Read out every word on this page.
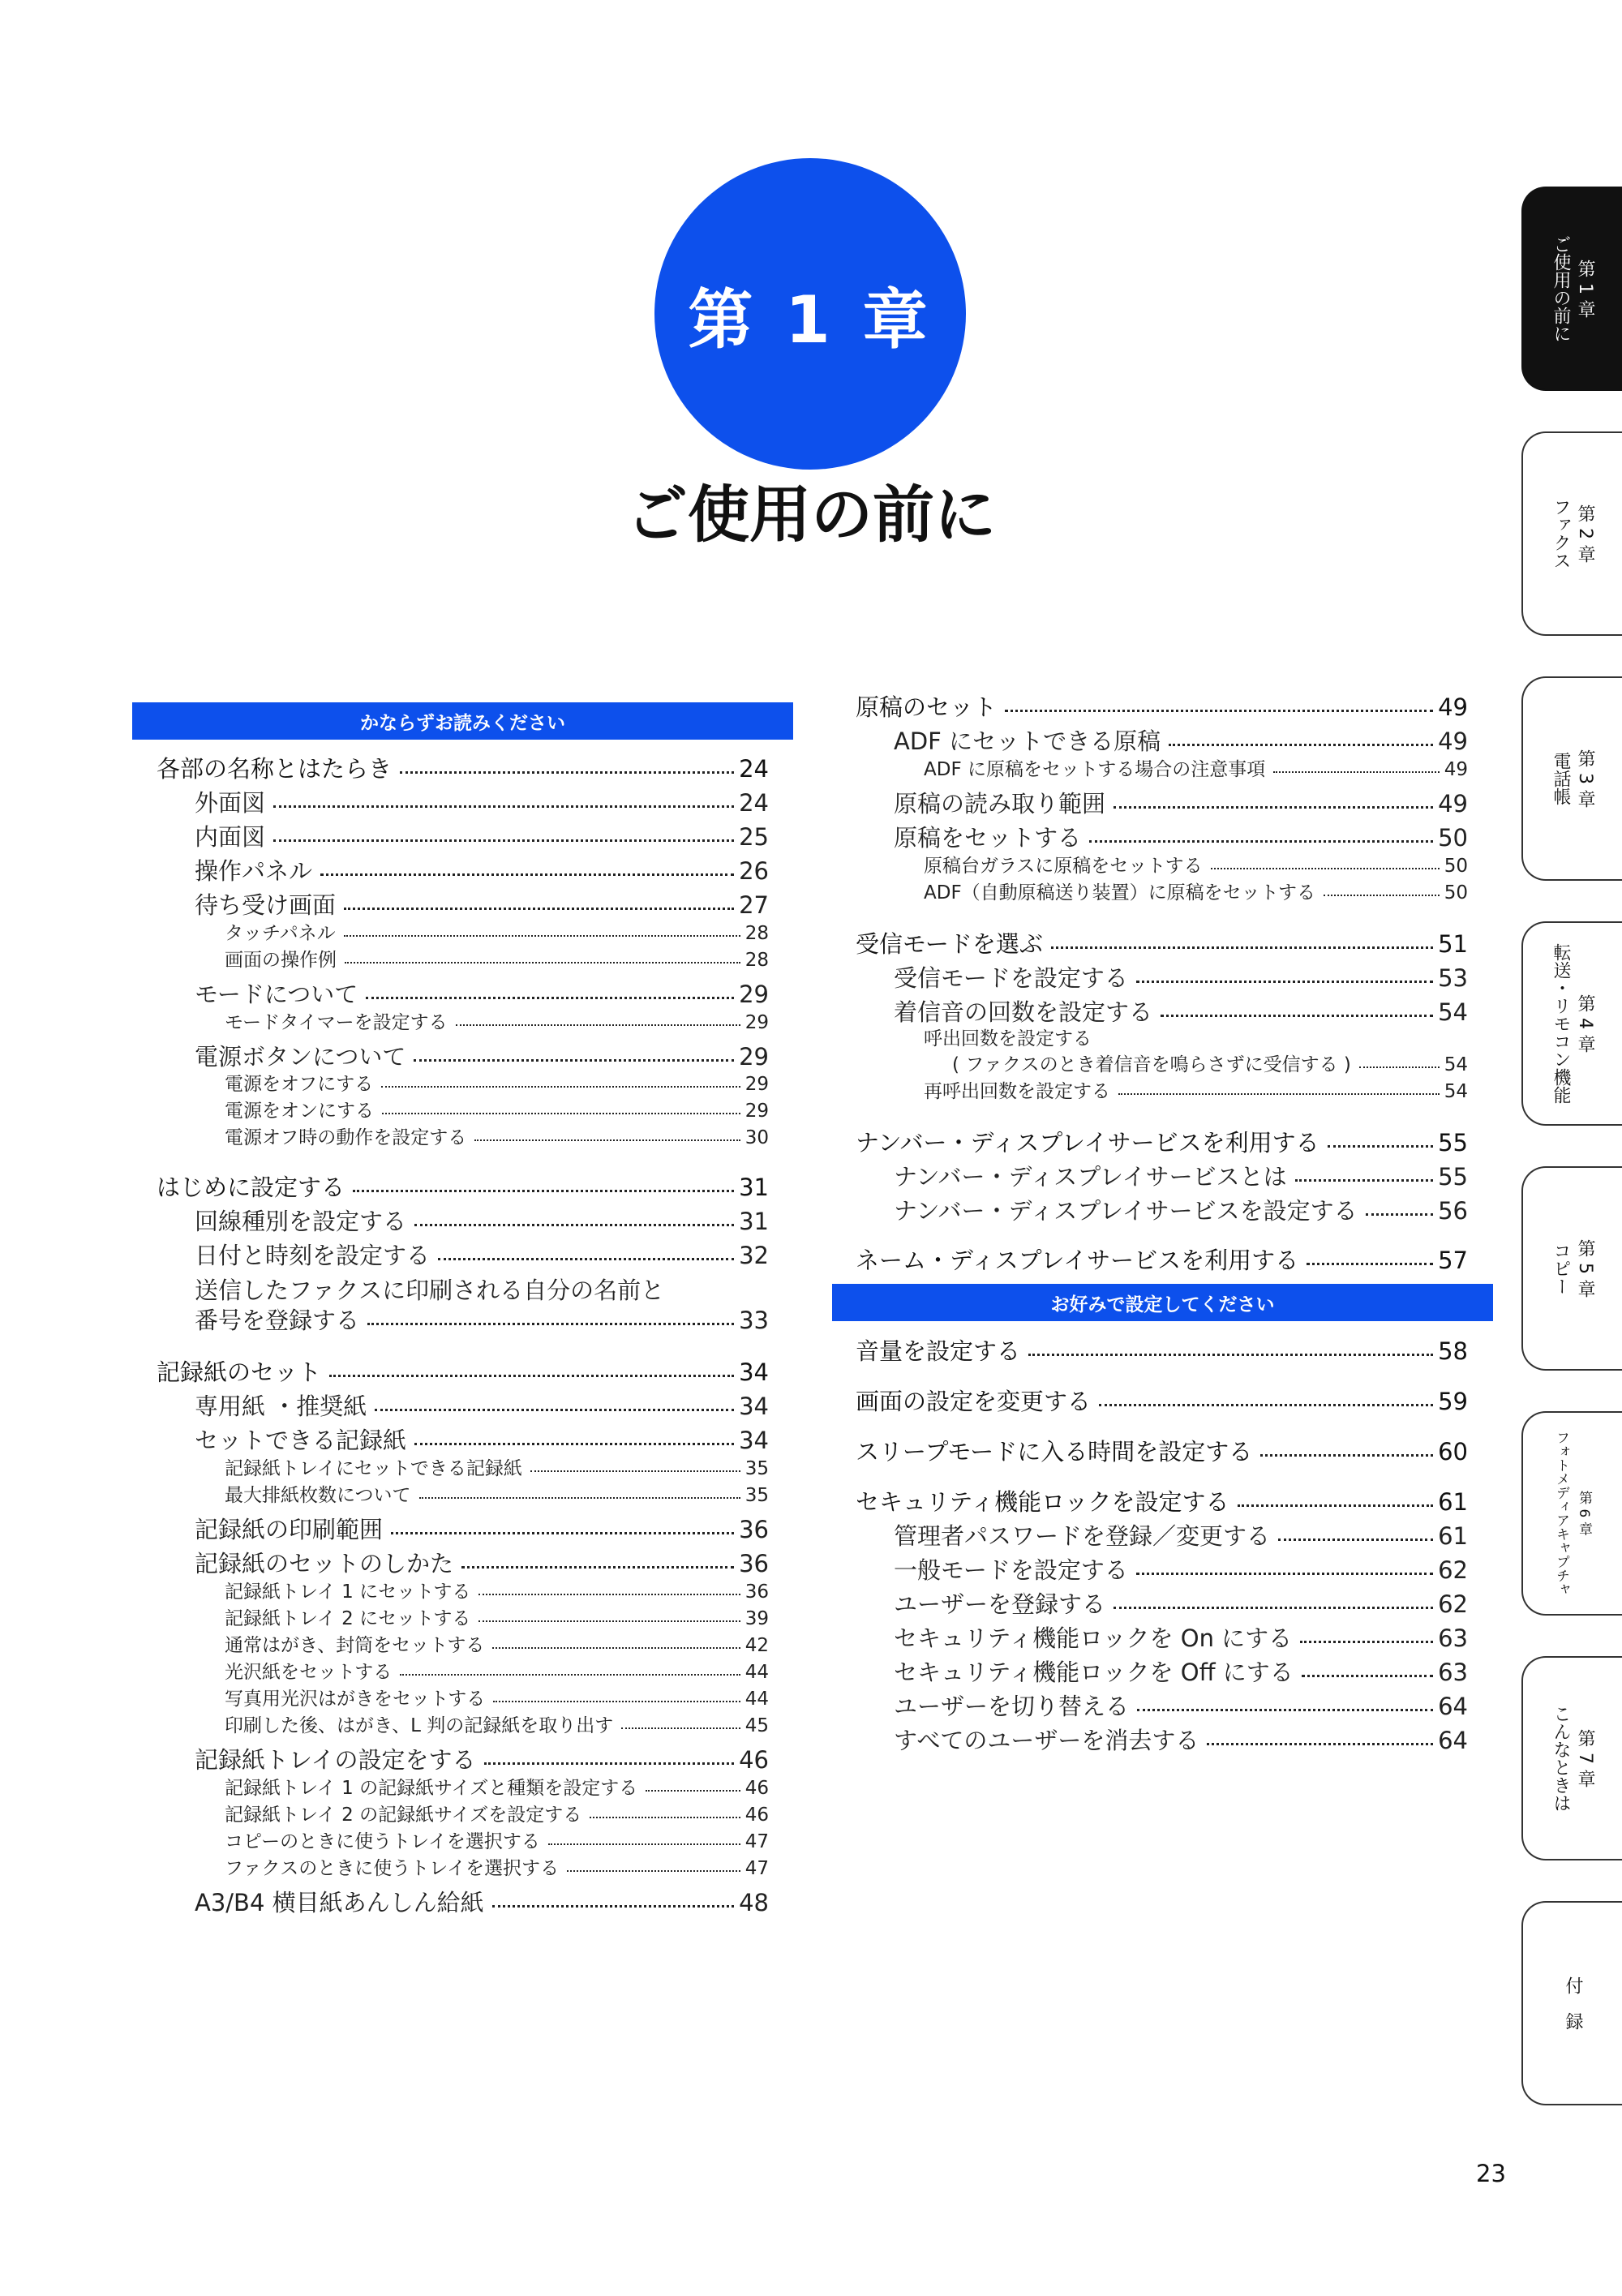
第 1 章
ご使用の前に
かならずお読みください
お好みで設定してください
各部の名称とはたらき	24
外面図	24
内面図	25
操作パネル	26
待ち受け画面	27
タッチパネル	28
画面の操作例	28
モードについて	29
モードタイマーを設定する	29
電源ボタンについて	29
電源をオフにする	29
電源をオンにする	29
電源オフ時の動作を設定する	30
はじめに設定する	31
回線種別を設定する	31
日付と時刻を設定する	32
送信したファクスに印刷される自分の名前と
番号を登録する	33
記録紙のセット	34
専用紙 ・推奨紙	34
セットできる記録紙	34
記録紙トレイにセットできる記録紙	35
最大排紙枚数について	35
記録紙の印刷範囲	36
記録紙のセットのしかた	36
記録紙トレイ 1 にセットする	36
記録紙トレイ 2 にセットする	39
通常はがき、封筒をセットする	42
光沢紙をセットする	44
写真用光沢はがきをセットする	44
印刷した後、はがき、L 判の記録紙を取り出す	45
記録紙トレイの設定をする	46
記録紙トレイ 1 の記録紙サイズと種類を設定する	46
記録紙トレイ 2 の記録紙サイズを設定する	46
コピーのときに使うトレイを選択する	47
ファクスのときに使うトレイを選択する	47
A3/B4 横目紙あんしん給紙	48
原稿のセット	49
ADF にセットできる原稿	49
ADF に原稿をセットする場合の注意事項	49
原稿の読み取り範囲	49
原稿をセットする	50
原稿台ガラスに原稿をセットする	50
ADF（自動原稿送り装置）に原稿をセットする	50
受信モードを選ぶ	51
受信モードを設定する	53
着信音の回数を設定する	54
呼出回数を設定する
( ファクスのとき着信音を鳴らさずに受信する )	54
再呼出回数を設定する	54
ナンバー・ディスプレイサービスを利用する	55
ナンバー・ディスプレイサービスとは	55
ナンバー・ディスプレイサービスを設定する	56
ネーム・ディスプレイサービスを利用する	57
音量を設定する	58
画面の設定を変更する	59
スリープモードに入る時間を設定する	60
セキュリティ機能ロックを設定する	61
管理者パスワードを登録／変更する	61
一般モードを設定する	62
ユーザーを登録する	62
セキュリティ機能ロックを On にする	63
セキュリティ機能ロックを Off にする	63
ユーザーを切り替える	64
すべてのユーザーを消去する	64
第 1 章
ご使用の前に
第 2 章
ファクス
第 3 章
電話帳
第 4 章
転送・リモコン機能
第 5 章
コピー
第 6 章
フォトメディアキャプチャ
第 7 章
こんなときは
付　録
23
